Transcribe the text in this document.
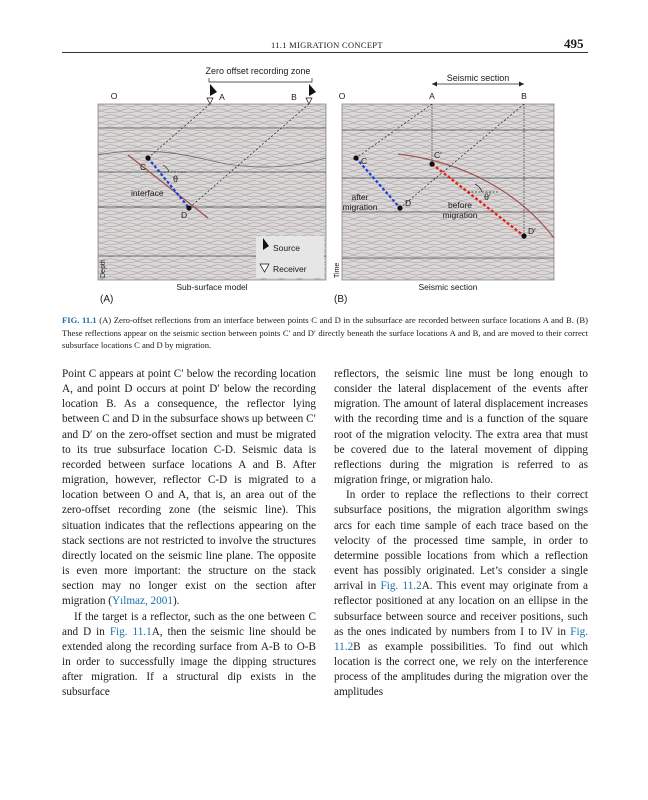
11.1 MIGRATION CONCEPT	495
Zero offset recording zone
O	A	B
C
D
θ
interface
Source
Receiver
Depth
Sub-surface model
(A)
Seismic section
O	A	B
C
D
C′
D′
θ′
after
migration	before
migration
Time
Seismic section
(B)
FIG. 11.1 (A) Zero-offset reflections from an interface between points C and D in the subsurface are recorded between surface locations A and B. (B) These reflections appear on the seismic section between points C′ and D′ directly beneath the surface locations A and B, and are moved to their correct subsurface locations C and D by migration.

Point C appears at point C′ below the recording location A, and point D occurs at point D′ below the recording location B. As a consequence, the reflector lying between C and D in the subsurface shows up between C′ and D′ on the zero-offset section and must be migrated to its true subsurface location C-D. Seismic data is recorded between surface locations A and B. After migration, however, reflector C-D is migrated to a location between O and A, that is, an area out of the zero-offset recording zone (the seismic line). This situation indicates that the reflections appearing on the stack sections are not restricted to involve the structures directly located on the seismic line plane. The opposite is even more important: the structure on the stack section may no longer exist on the section after migration (Yılmaz, 2001).

If the target is a reflector, such as the one between C and D in Fig. 11.1A, then the seismic line should be extended along the recording surface from A-B to O-B in order to successfully image the dipping structures after migration. If a structural dip exists in the subsurface

reflectors, the seismic line must be long enough to consider the lateral displacement of the events after migration. The amount of lateral displacement increases with the recording time and is a function of the square root of the migration velocity. The extra area that must be covered due to the lateral movement of dipping reflections during the migration is referred to as migration fringe, or migration halo.

In order to replace the reflections to their correct subsurface positions, the migration algorithm swings arcs for each time sample of each trace based on the velocity of the processed time sample, in order to determine possible locations from which a reflection event has possibly originated. Let’s consider a single arrival in Fig. 11.2A. This event may originate from a reflector positioned at any location on an ellipse in the subsurface between source and receiver positions, such as the ones indicated by numbers from I to IV in Fig. 11.2B as example possibilities. To find out which location is the correct one, we rely on the interference process of the amplitudes during the migration over the amplitudes
